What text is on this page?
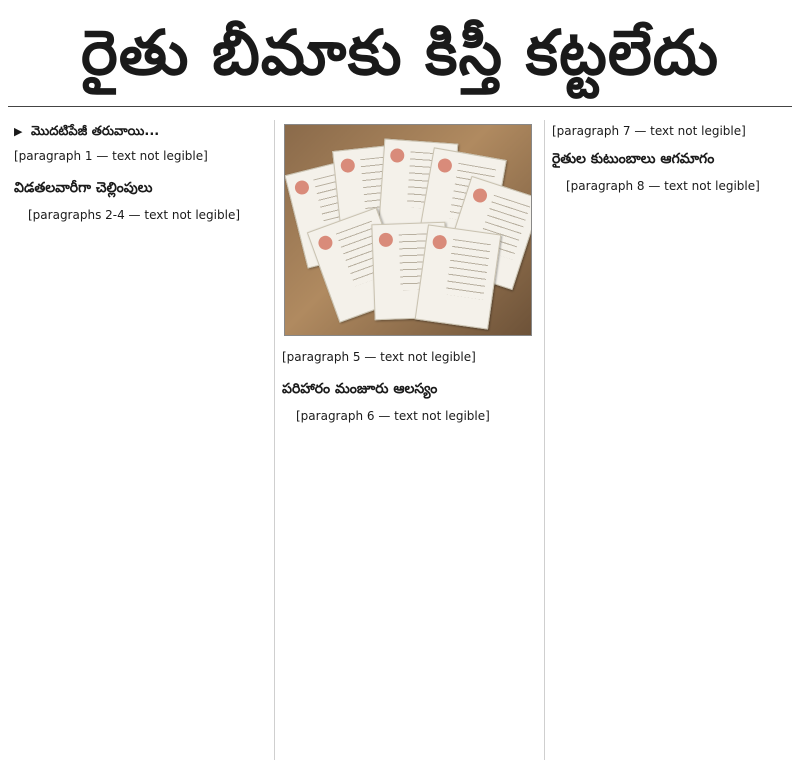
రైతు బీమాకు కిస్తీ కట్టలేదు
▶ మొదటిపేజీ తరువాయి...

[paragraph 1 — text not legible]

విడతలవారీగా చెల్లింపులు

[paragraphs 2-4 — text not legible]

[paragraph 5 — text not legible]

పరిహారం మంజూరు ఆలస్యం

[paragraph 6 — text not legible]

[paragraph 7 — text not legible]

రైతుల కుటుంబాలు ఆగమాగం

[paragraph 8 — text not legible]
